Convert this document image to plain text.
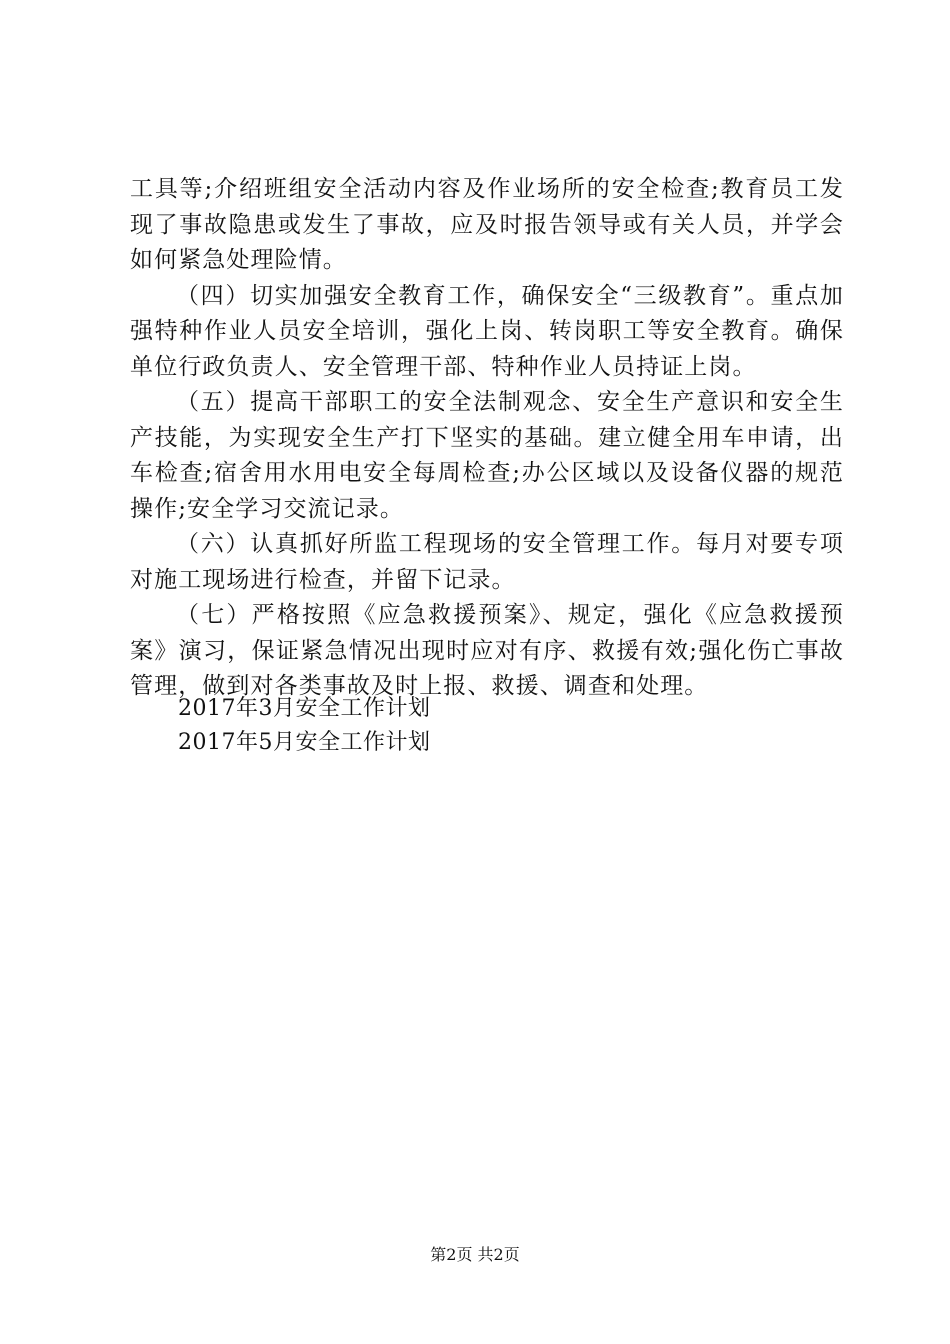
工具等;介绍班组安全活动内容及作业场所的安全检查;教育员工发现了事故隐患或发生了事故，应及时报告领导或有关人员，并学会如何紧急处理险情。

（四）切实加强安全教育工作，确保安全“三级教育”。重点加强特种作业人员安全培训，强化上岗、转岗职工等安全教育。确保单位行政负责人、安全管理干部、特种作业人员持证上岗。

（五）提高干部职工的安全法制观念、安全生产意识和安全生产技能，为实现安全生产打下坚实的基础。建立健全用车申请，出车检查;宿舍用水用电安全每周检查;办公区域以及设备仪器的规范操作;安全学习交流记录。

（六）认真抓好所监工程现场的安全管理工作。每月对要专项对施工现场进行检查，并留下记录。

（七）严格按照《应急救援预案》、规定，强化《应急救援预案》演习，保证紧急情况出现时应对有序、救援有效;强化伤亡事故管理，做到对各类事故及时上报、救援、调查和处理。

2017年3月安全工作计划
2017年5月安全工作计划
第2页 共2页
